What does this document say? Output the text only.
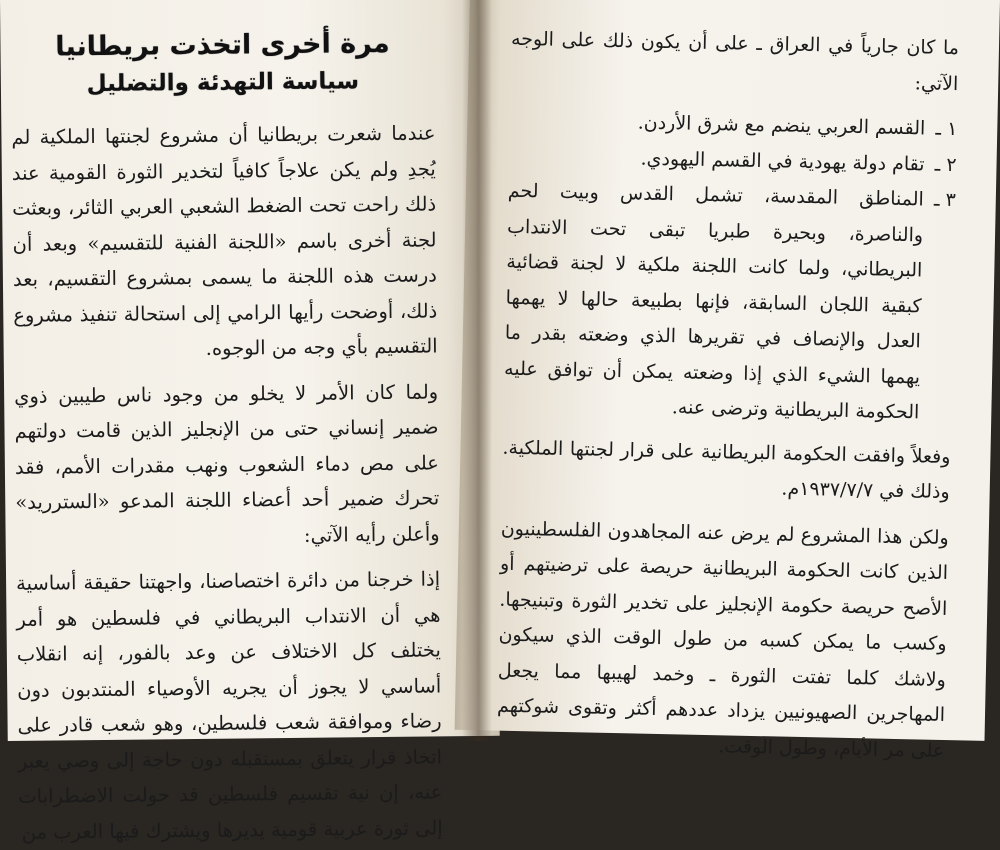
مرة أخرى اتخذت بريطانيا
سياسة التهدئة والتضليل

عندما شعرت بريطانيا أن مشروع لجنتها الملكية لم يُجدِ ولم يكن علاجاً كافياً لتخدير الثورة القومية عند ذلك راحت تحت الضغط الشعبي العربي الثائر، وبعثت لجنة أخرى باسم «اللجنة الفنية للتقسيم» وبعد أن درست هذه اللجنة ما يسمى بمشروع التقسيم، بعد ذلك، أوضحت رأيها الرامي إلى استحالة تنفيذ مشروع التقسيم بأي وجه من الوجوه.

ولما كان الأمر لا يخلو من وجود ناس طيبين ذوي ضمير إنساني حتى من الإنجليز الذين قامت دولتهم على مص دماء الشعوب ونهب مقدرات الأمم، فقد تحرك ضمير أحد أعضاء اللجنة المدعو «السترريد» وأعلن رأيه الآتي:

إذا خرجنا من دائرة اختصاصنا، واجهتنا حقيقة أساسية هي أن الانتداب البريطاني في فلسطين هو أمر يختلف كل الاختلاف عن وعد بالفور، إنه انقلاب أساسي لا يجوز أن يجريه الأوصياء المنتدبون دون رضاء وموافقة شعب فلسطين، وهو شعب قادر على اتخاذ قرار يتعلق بمستقبله دون حاجة إلى وصي يعبر عنه، إن نية تقسيم فلسطين قد حولت الاضطرابات إلى ثورة عربية قومية يديرها ويشترك فيها العرب من

ما كان جارياً في العراق ـ على أن يكون ذلك على الوجه الآتي:

١ ـ
القسم العربي ينضم مع شرق الأردن.
٢ ـ
تقام دولة يهودية في القسم اليهودي.
٣ ـ
المناطق المقدسة، تشمل القدس وبيت لحم والناصرة، وبحيرة طبريا تبقى تحت الانتداب البريطاني، ولما كانت اللجنة ملكية لا لجنة قضائية كبقية اللجان السابقة، فإنها بطبيعة حالها لا يهمها العدل والإنصاف في تقريرها الذي وضعته بقدر ما يهمها الشيء الذي إذا وضعته يمكن أن توافق عليه الحكومة البريطانية وترضى عنه.

وفعلاً وافقت الحكومة البريطانية على قرار لجنتها الملكية. وذلك في ١٩٣٧/٧/٧م.

ولكن هذا المشروع لم يرض عنه المجاهدون الفلسطينيون الذين كانت الحكومة البريطانية حريصة على ترضيتهم أو الأصح حريصة حكومة الإنجليز على تخدير الثورة وتبنيجها. وكسب ما يمكن كسبه من طول الوقت الذي سيكون ولاشك كلما تفتت الثورة ـ وخمد لهيبها مما يجعل المهاجرين الصهيونيين يزداد عددهم أكثر وتقوى شوكتهم على مر الأيام، وطول الوقت.
